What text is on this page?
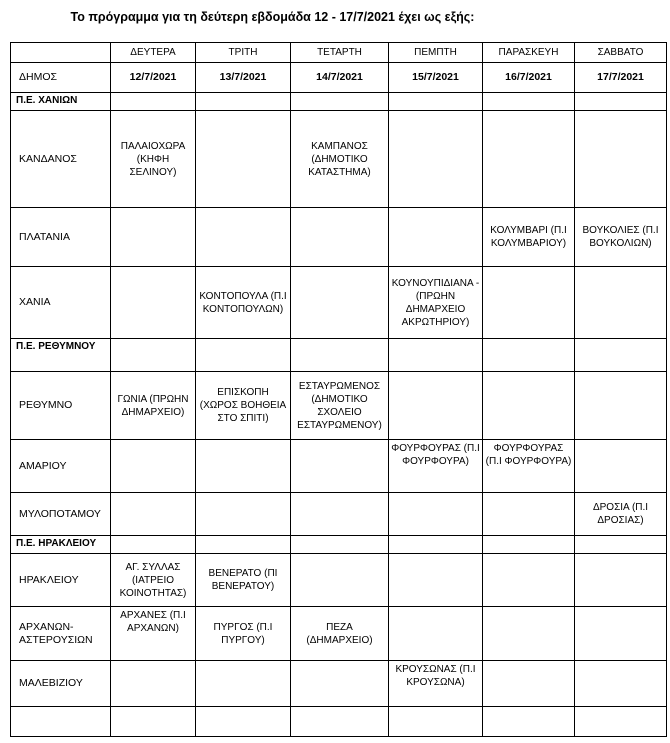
Το πρόγραμμα για τη δεύτερη εβδομάδα 12 - 17/7/2021 έχει ως εξής:
	ΔΕΥΤΕΡΑ	ΤΡΙΤΗ	ΤΕΤΑΡΤΗ	ΠΕΜΠΤΗ	ΠΑΡΑΣΚΕΥΗ	ΣΑΒΒΑΤΟ
ΔΗΜΟΣ	12/7/2021	13/7/2021	14/7/2021	15/7/2021	16/7/2021	17/7/2021
Π.Ε. ΧΑΝΙΩΝ						
ΚΑΝΔΑΝΟΣ	ΠΑΛΑΙΟΧΩΡΑ (ΚΗΦΗ ΣΕΛΙΝΟΥ)		ΚΑΜΠΑΝΟΣ (ΔΗΜΟΤΙΚΟ ΚΑΤΑΣΤΗΜΑ)			
ΠΛΑΤΑΝΙΑ					ΚΟΛΥΜΒΑΡΙ (Π.Ι ΚΟΛΥΜΒΑΡΙΟΥ)	ΒΟΥΚΟΛΙΕΣ (Π.Ι ΒΟΥΚΟΛΙΩΝ)
ΧΑΝΙΑ		ΚΟΝΤΟΠΟΥΛΑ (Π.Ι ΚΟΝΤΟΠΟΥΛΩΝ)		ΚΟΥΝΟΥΠΙΔΙΑΝΑ - (ΠΡΩΗΝ ΔΗΜΑΡΧΕΙΟ ΑΚΡΩΤΗΡΙΟΥ)		
Π.Ε. ΡΕΘΥΜΝΟΥ						
ΡΕΘΥΜΝΟ	ΓΩΝΙΑ (ΠΡΩΗΝ ΔΗΜΑΡΧΕΙΟ)	ΕΠΙΣΚΟΠΗ (ΧΩΡΟΣ ΒΟΗΘΕΙΑ ΣΤΟ ΣΠΙΤΙ)	ΕΣΤΑΥΡΩΜΕΝΟΣ (ΔΗΜΟΤΙΚΟ ΣΧΟΛΕΙΟ ΕΣΤΑΥΡΩΜΕΝΟΥ)			
ΑΜΑΡΙΟΥ				ΦΟΥΡΦΟΥΡΑΣ (Π.Ι ΦΟΥΡΦΟΥΡΑ)	ΦΟΥΡΦΟΥΡΑΣ (Π.Ι ΦΟΥΡΦΟΥΡΑ)	
ΜΥΛΟΠΟΤΑΜΟΥ						ΔΡΟΣΙΑ (Π.Ι ΔΡΟΣΙΑΣ)
Π.Ε. ΗΡΑΚΛΕΙΟΥ						
ΗΡΑΚΛΕΙΟΥ	ΑΓ. ΣΥΛΛΑΣ (ΙΑΤΡΕΙΟ ΚΟΙΝΟΤΗΤΑΣ)	ΒΕΝΕΡΑΤΟ (ΠΙ ΒΕΝΕΡΑΤΟΥ)				
ΑΡΧΑΝΩΝ-ΑΣΤΕΡΟΥΣΙΩΝ	ΑΡΧΑΝΕΣ (Π.Ι ΑΡΧΑΝΩΝ)	ΠΥΡΓΟΣ (Π.Ι ΠΥΡΓΟΥ)	ΠΕΖΑ (ΔΗΜΑΡΧΕΙΟ)			
ΜΑΛΕΒΙΖΙΟΥ				ΚΡΟΥΣΩΝΑΣ (Π.Ι ΚΡΟΥΣΩΝΑ)		
